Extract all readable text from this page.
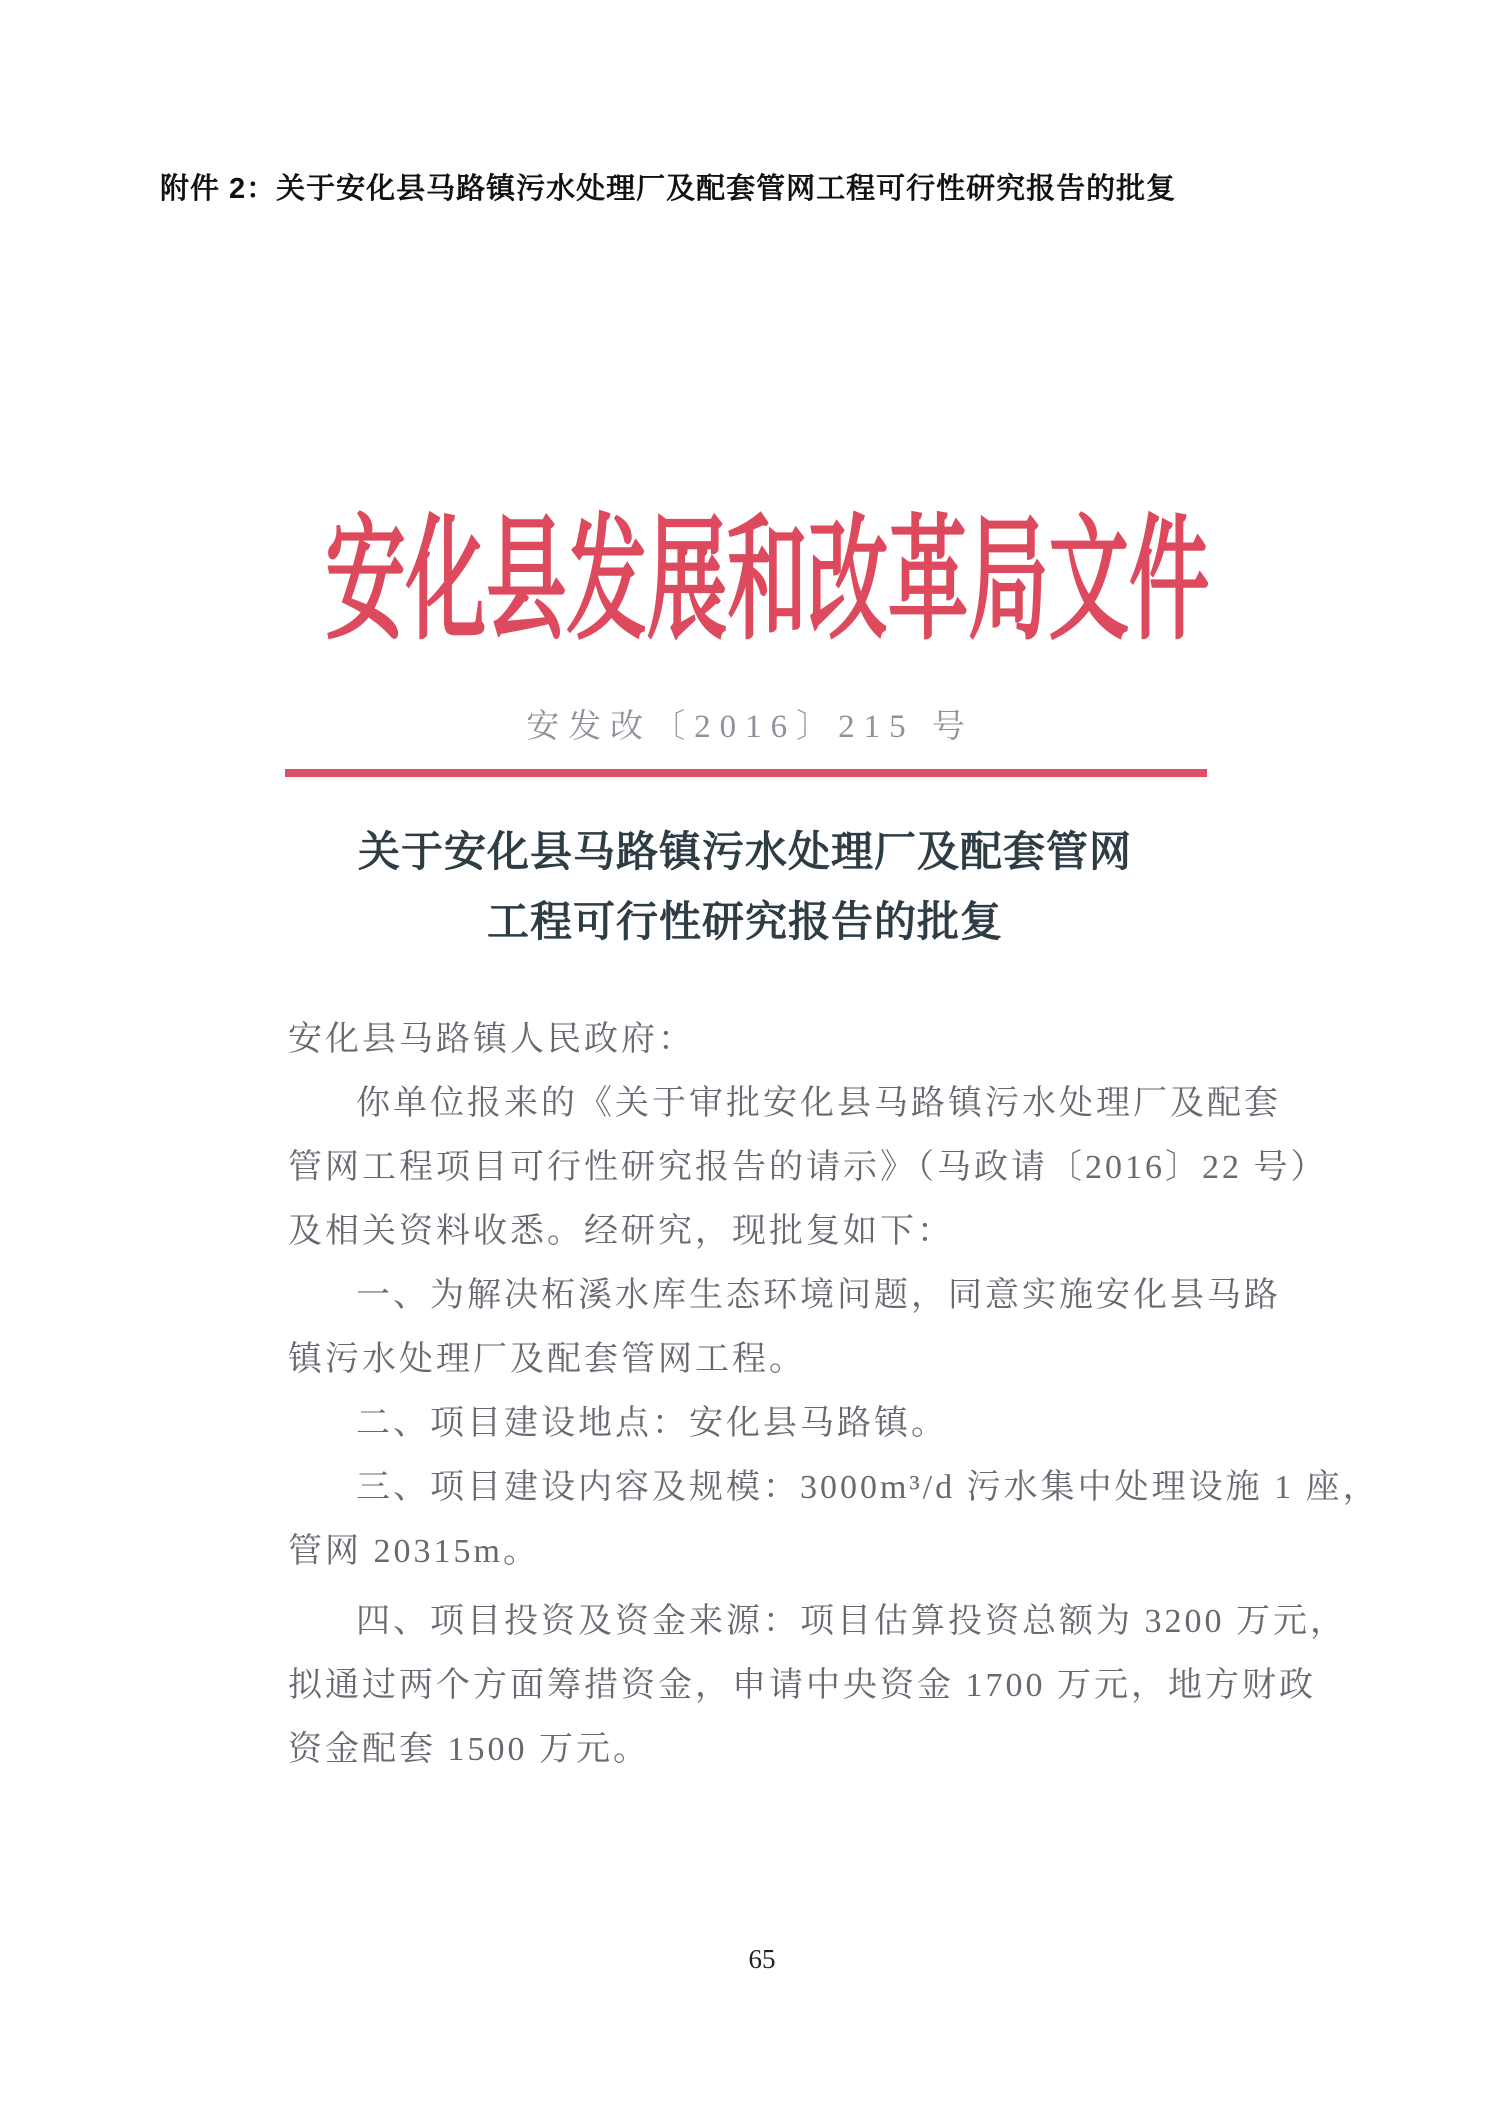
附件 2：关于安化县马路镇污水处理厂及配套管网工程可行性研究报告的批复
安化县发展和改革局文件
安发改〔2016〕215 号
关于安化县马路镇污水处理厂及配套管网
工程可行性研究报告的批复
安化县马路镇人民政府：
你单位报来的《关于审批安化县马路镇污水处理厂及配套
管网工程项目可行性研究报告的请示》（马政请〔2016〕22 号）
及相关资料收悉。经研究，现批复如下：
一、为解决柘溪水库生态环境问题，同意实施安化县马路
镇污水处理厂及配套管网工程。
二、项目建设地点：安化县马路镇。
三、项目建设内容及规模：3000m³/d 污水集中处理设施 1 座，
管网 20315m。
四、项目投资及资金来源：项目估算投资总额为 3200 万元，
拟通过两个方面筹措资金，申请中央资金 1700 万元，地方财政
资金配套 1500 万元。
65
